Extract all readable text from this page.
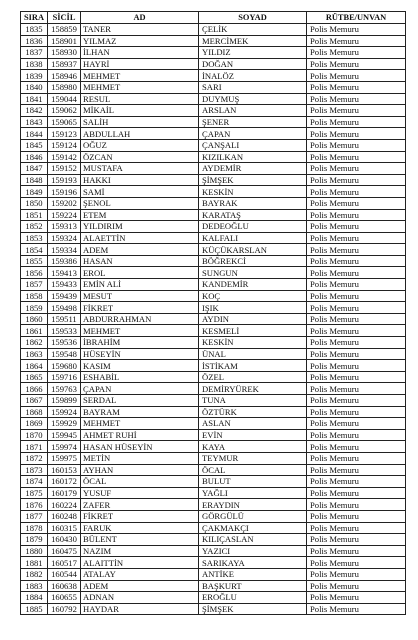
SIRA	SİCİL	AD	SOYAD	RÜTBE/UNVAN
1835	158859	TANER	ÇELİK	Polis Memuru
1836	158901	YILMAZ	MERCİMEK	Polis Memuru
1837	158930	İLHAN	YILDIZ	Polis Memuru
1838	158937	HAYRİ	DOĞAN	Polis Memuru
1839	158946	MEHMET	İNALÖZ	Polis Memuru
1840	158980	MEHMET	SARI	Polis Memuru
1841	159044	RESUL	DUYMUŞ	Polis Memuru
1842	159062	MİKAİL	ARSLAN	Polis Memuru
1843	159065	SALİH	ŞENER	Polis Memuru
1844	159123	ABDULLAH	ÇAPAN	Polis Memuru
1845	159124	OĞUZ	ÇANŞALI	Polis Memuru
1846	159142	ÖZCAN	KIZILKAN	Polis Memuru
1847	159152	MUSTAFA	AYDEMİR	Polis Memuru
1848	159193	HAKKI	ŞİMŞEK	Polis Memuru
1849	159196	SAMİ	KESKİN	Polis Memuru
1850	159202	ŞENOL	BAYRAK	Polis Memuru
1851	159224	ETEM	KARATAŞ	Polis Memuru
1852	159313	YILDIRIM	DEDEOĞLU	Polis Memuru
1853	159324	ALAETTİN	KALFALI	Polis Memuru
1854	159334	ADEM	KÜÇÜKARSLAN	Polis Memuru
1855	159386	HASAN	BÖĞREKCİ	Polis Memuru
1856	159413	EROL	SUNGUN	Polis Memuru
1857	159433	EMİN ALİ	KANDEMİR	Polis Memuru
1858	159439	MESUT	KOÇ	Polis Memuru
1859	159498	FİKRET	IŞIK	Polis Memuru
1860	159511	ABDURRAHMAN	AYDIN	Polis Memuru
1861	159533	MEHMET	KESMELİ	Polis Memuru
1862	159536	İBRAHİM	KESKİN	Polis Memuru
1863	159548	HÜSEYİN	ÜNAL	Polis Memuru
1864	159680	KASIM	İSTİKAM	Polis Memuru
1865	159716	ESHABİL	ÖZEL	Polis Memuru
1866	159763	ÇAPAN	DEMİRYÜREK	Polis Memuru
1867	159899	SERDAL	TUNA	Polis Memuru
1868	159924	BAYRAM	ÖZTÜRK	Polis Memuru
1869	159929	MEHMET	ASLAN	Polis Memuru
1870	159945	AHMET RUHİ	EVİN	Polis Memuru
1871	159974	HASAN HÜSEYİN	KAYA	Polis Memuru
1872	159975	METİN	TEYMUR	Polis Memuru
1873	160153	AYHAN	ÖCAL	Polis Memuru
1874	160172	ÖCAL	BULUT	Polis Memuru
1875	160179	YUSUF	YAĞLI	Polis Memuru
1876	160224	ZAFER	ERAYDIN	Polis Memuru
1877	160248	FİKRET	GÖRGÜLÜ	Polis Memuru
1878	160315	FARUK	ÇAKMAKÇI	Polis Memuru
1879	160430	BÜLENT	KILIÇASLAN	Polis Memuru
1880	160475	NAZIM	YAZICI	Polis Memuru
1881	160517	ALAITTİN	SARIKAYA	Polis Memuru
1882	160544	ATALAY	ANTİKE	Polis Memuru
1883	160638	ADEM	BAŞKURT	Polis Memuru
1884	160655	ADNAN	EROĞLU	Polis Memuru
1885	160792	HAYDAR	ŞİMŞEK	Polis Memuru
